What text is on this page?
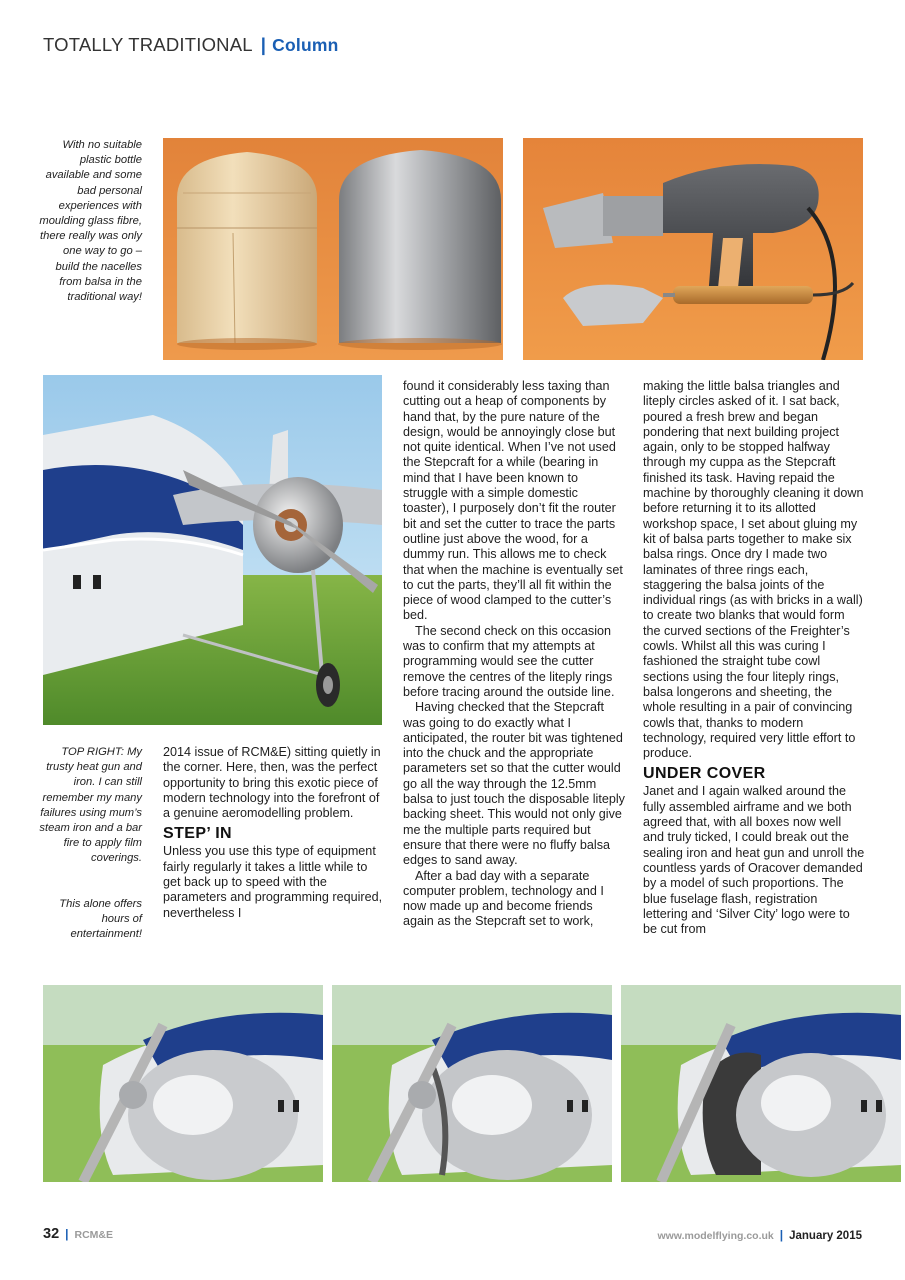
TOTALLY TRADITIONAL | Column
With no suitable plastic bottle available and some bad personal experiences with moulding glass fibre, there really was only one way to go – build the nacelles from balsa in the traditional way!
TOP RIGHT: My trusty heat gun and iron. I can still remember my many failures using mum’s steam iron and a bar fire to apply film coverings.
This alone offers hours of entertainment!

2014 issue of RCM&E) sitting quietly in the corner. Here, then, was the perfect opportunity to bring this exotic piece of modern technology into the forefront of a genuine aeromodelling problem.

STEP’ IN

Unless you use this type of equipment fairly regularly it takes a little while to get back up to speed with the parameters and programming required, nevertheless I

found it considerably less taxing than cutting out a heap of components by hand that, by the pure nature of the design, would be annoyingly close but not quite identical. When I’ve not used the Stepcraft for a while (bearing in mind that I have been known to struggle with a simple domestic toaster), I purposely don’t fit the router bit and set the cutter to trace the parts outline just above the wood, for a dummy run. This allows me to check that when the machine is eventually set to cut the parts, they’ll all fit within the piece of wood clamped to the cutter’s bed.

The second check on this occasion was to confirm that my attempts at programming would see the cutter remove the centres of the liteply rings before tracing around the outside line.

Having checked that the Stepcraft was going to do exactly what I anticipated, the router bit was tightened into the chuck and the appropriate parameters set so that the cutter would go all the way through the 12.5mm balsa to just touch the disposable liteply backing sheet. This would not only give me the multiple parts required but ensure that there were no fluffy balsa edges to sand away.

After a bad day with a separate computer problem, technology and I now made up and become friends again as the Stepcraft set to work,

making the little balsa triangles and liteply circles asked of it. I sat back, poured a fresh brew and began pondering that next building project again, only to be stopped halfway through my cuppa as the Stepcraft finished its task. Having repaid the machine by thoroughly cleaning it down before returning it to its allotted workshop space, I set about gluing my kit of balsa parts together to make six balsa rings. Once dry I made two laminates of three rings each, staggering the balsa joints of the individual rings (as with bricks in a wall) to create two blanks that would form the curved sections of the Freighter’s cowls. Whilst all this was curing I fashioned the straight tube cowl sections using the four liteply rings, balsa longerons and sheeting, the whole resulting in a pair of convincing cowls that, thanks to modern technology, required very little effort to produce.

UNDER COVER

Janet and I again walked around the fully assembled airframe and we both agreed that, with all boxes now well and truly ticked, I could break out the sealing iron and heat gun and unroll the countless yards of Oracover demanded by a model of such proportions. The blue fuselage flash, registration lettering and ‘Silver City’ logo were to be cut from

32 | RCM&E	www.modelflying.co.uk | January 2015
